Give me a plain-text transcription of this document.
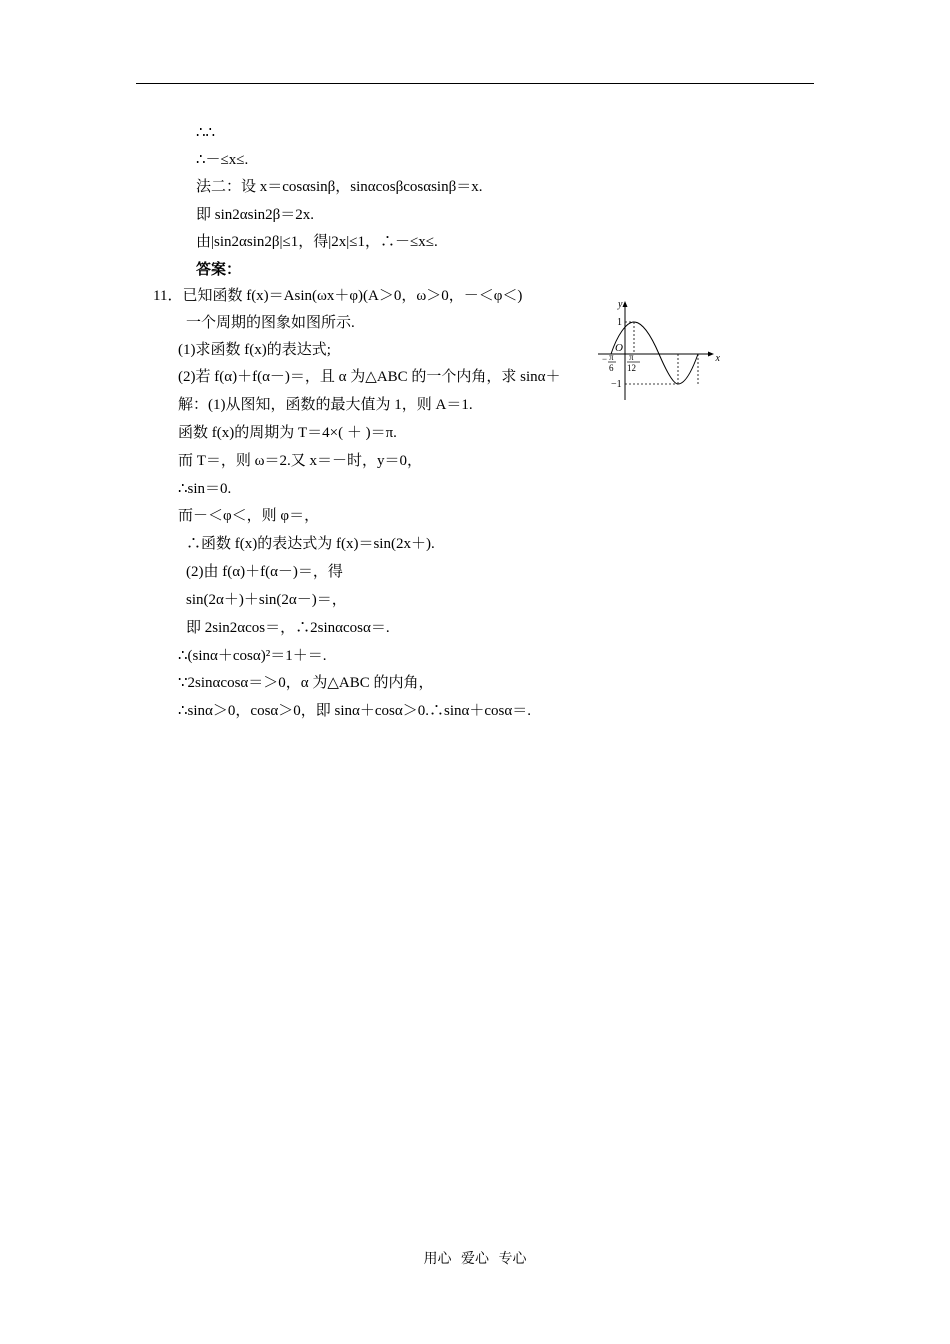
∴∴
∴－≤x≤.
法二：设 x＝cosαsinβ，sinαcosβcosαsinβ＝x.
即 sin2αsin2β＝2x.
由|sin2αsin2β|≤1，得|2x|≤1，∴－≤x≤.
答案：
11．已知函数 f(x)＝Asin(ωx＋φ)(A＞0，ω＞0，－＜φ＜)
一个周期的图象如图所示.
(1)求函数 f(x)的表达式;
(2)若 f(α)＋f(α－)＝，且 α 为△ABC 的一个内角，求 sinα＋
解：(1)从图知，函数的最大值为 1，则 A＝1.
函数 f(x)的周期为 T＝4×( ＋ )＝π.
而 T＝，则 ω＝2.又 x＝－时，y＝0，
∴sin＝0.
而－＜φ＜，则 φ＝，
∴函数 f(x)的表达式为 f(x)＝sin(2x＋).
(2)由 f(α)＋f(α－)＝，得
sin(2α＋)＋sin(2α－)＝，
即 2sin2αcos＝，∴2sinαcosα＝.
∴(sinα＋cosα)²＝1＋＝.
∵2sinαcosα＝＞0，α 为△ABC 的内角，
∴sinα＞0，cosα＞0，即 sinα＋cosα＞0.∴sinα＋cosα＝.
x
y
O
1
−1
− π
6
π
12
用心 爱心 专心
